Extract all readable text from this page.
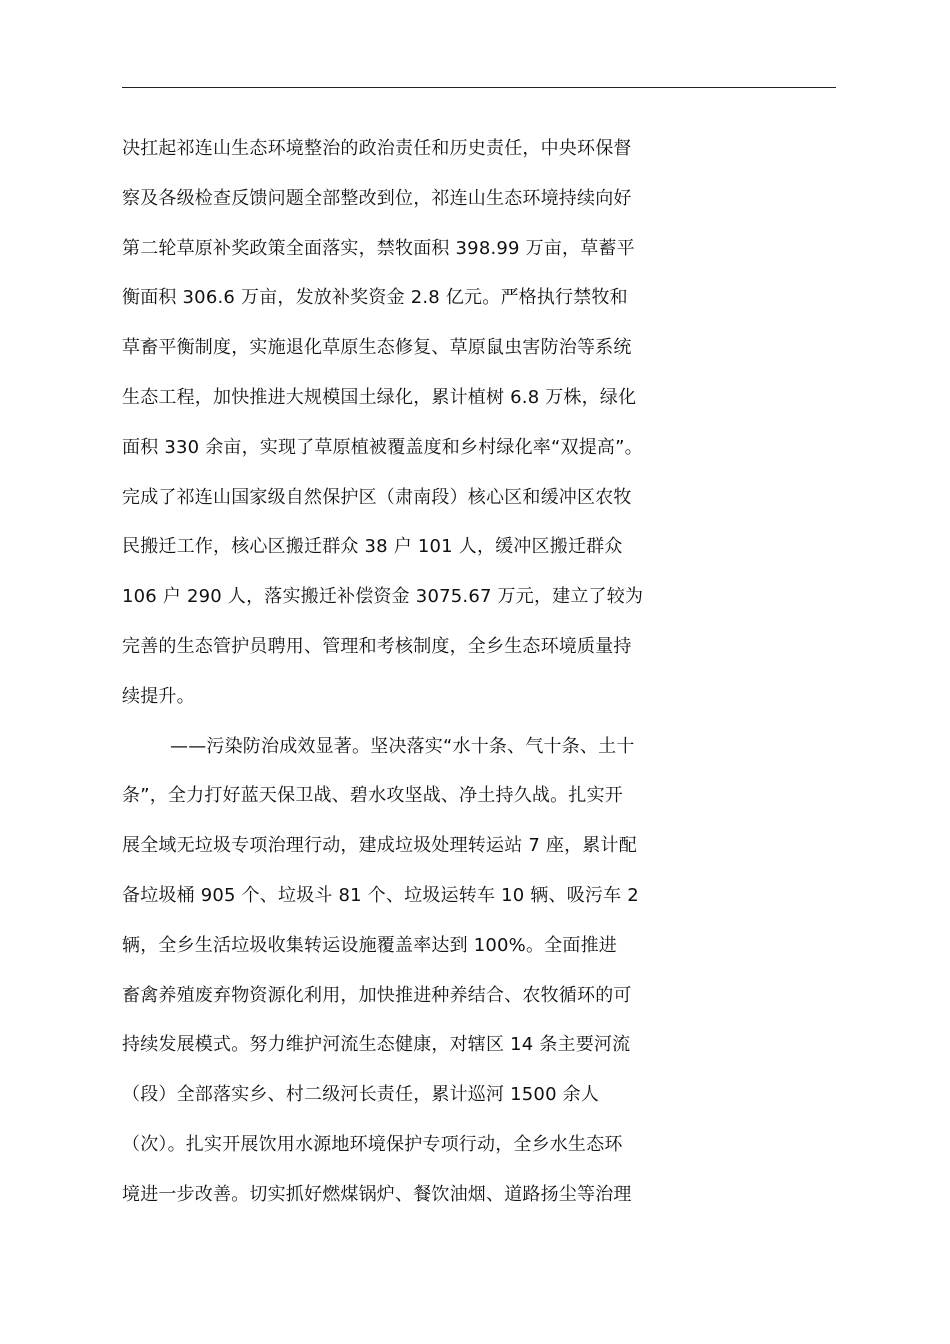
决扛起祁连山生态环境整治的政治责任和历史责任，中央环保督
察及各级检查反馈问题全部整改到位，祁连山生态环境持续向好
第二轮草原补奖政策全面落实，禁牧面积 398.99 万亩，草蓄平
衡面积 306.6 万亩，发放补奖资金 2.8 亿元。严格执行禁牧和
草畜平衡制度，实施退化草原生态修复、草原鼠虫害防治等系统
生态工程，加快推进大规模国土绿化，累计植树 6.8 万株，绿化
面积 330 余亩，实现了草原植被覆盖度和乡村绿化率“双提高”。
完成了祁连山国家级自然保护区（肃南段）核心区和缓冲区农牧
民搬迁工作，核心区搬迁群众 38 户 101 人，缓冲区搬迁群众
106 户 290 人，落实搬迁补偿资金 3075.67 万元，建立了较为
完善的生态管护员聘用、管理和考核制度，全乡生态环境质量持
续提升。
——污染防治成效显著。坚决落实“水十条、气十条、土十
条”，全力打好蓝天保卫战、碧水攻坚战、净土持久战。扎实开
展全域无垃圾专项治理行动，建成垃圾处理转运站 7 座，累计配
备垃圾桶 905 个、垃圾斗 81 个、垃圾运转车 10 辆、吸污车 2
辆，全乡生活垃圾收集转运设施覆盖率达到 100%。全面推进
畜禽养殖废弃物资源化利用，加快推进种养结合、农牧循环的可
持续发展模式。努力维护河流生态健康，对辖区 14 条主要河流
（段）全部落实乡、村二级河长责任，累计巡河 1500 余人
（次）。扎实开展饮用水源地环境保护专项行动，全乡水生态环
境进一步改善。切实抓好燃煤锅炉、餐饮油烟、道路扬尘等治理
